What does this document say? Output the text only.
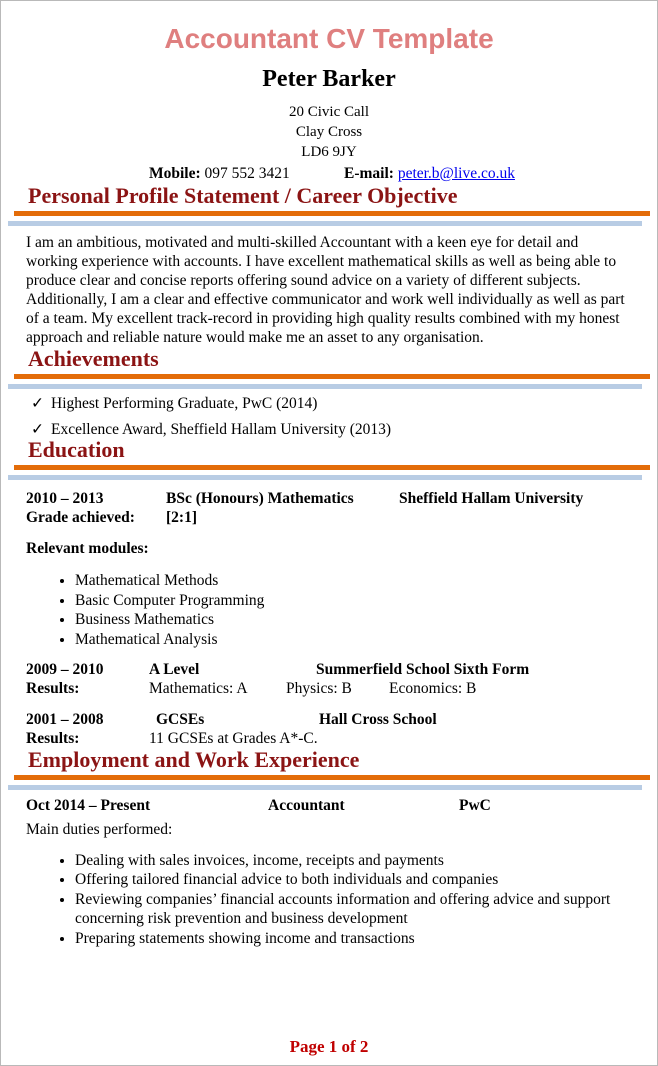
Accountant CV Template
Peter Barker
20 Civic Call
Clay Cross
LD6 9JY
Mobile: 097 552 3421	E-mail: peter.b@live.co.uk
Personal Profile Statement / Career Objective

I am an ambitious, motivated and multi-skilled Accountant with a keen eye for detail and working experience with accounts. I have excellent mathematical skills as well as being able to produce clear and concise reports offering sound advice on a variety of different subjects. Additionally, I am a clear and effective communicator and work well individually as well as part of a team. My excellent track-record in providing high quality results combined with my honest approach and reliable nature would make me an asset to any organisation.

Achievements
✓ Highest Performing Graduate, PwC (2014)
✓ Excellence Award, Sheffield Hallam University (2013)
Education
2010 – 2013	BSc (Honours) Mathematics	Sheffield Hallam University
Grade achieved: [2:1]
Relevant modules:
• Mathematical Methods
• Basic Computer Programming
• Business Mathematics
• Mathematical Analysis
2009 – 2010	A Level	Summerfield School Sixth Form
Results:	Mathematics: A Physics: B Economics: B
2001 – 2008	GCSEs	Hall Cross School
Results:	11 GCSEs at Grades A*-C.
Employment and Work Experience
Oct 2014 – Present	Accountant	PwC
Main duties performed:
• Dealing with sales invoices, income, receipts and payments
• Offering tailored financial advice to both individuals and companies
• Reviewing companies’ financial accounts information and offering advice and support concerning risk prevention and business development
• Preparing statements showing income and transactions
Page 1 of 2
